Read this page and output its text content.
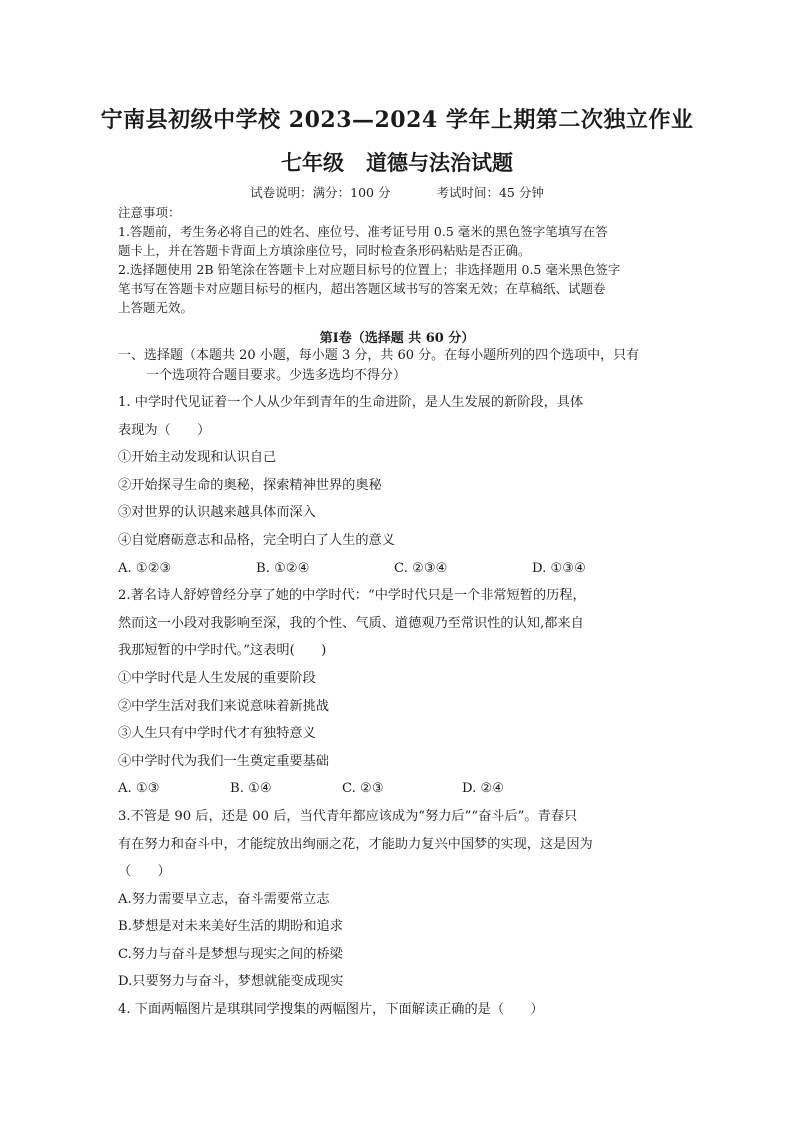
宁南县初级中学校 2023—2024 学年上期第二次独立作业
七年级 道德与法治试题
试卷说明：满分：100 分	考试时间：45 分钟

注意事项：

1.答题前，考生务必将自己的姓名、座位号、准考证号用 0.5 毫米的黑色签字笔填写在答

题卡上，并在答题卡背面上方填涂座位号，同时检查条形码粘贴是否正确。

2.选择题使用 2B 铅笔涂在答题卡上对应题目标号的位置上；非选择题用 0.5 毫米黑色签字

笔书写在答题卡对应题目标号的框内，超出答题区域书写的答案无效；在草稿纸、试题卷

上答题无效。

第Ⅰ卷（选择题 共 60 分）

一、选择题（本题共 20 小题，每小题 3 分，共 60 分。在每小题所列的四个选项中，只有

一个选项符合题目要求。少选多选均不得分）

1. 中学时代见证着一个人从少年到青年的生命进阶，是人生发展的新阶段，具体

表现为（　　）

①开始主动发现和认识自己

②开始探寻生命的奥秘，探索精神世界的奥秘

③对世界的认识越来越具体而深入

④自觉磨砺意志和品格，完全明白了人生的意义

A. ①②③	B. ①②④	C. ②③④	D. ①③④

2.著名诗人舒婷曾经分享了她的中学时代：“中学时代只是一个非常短暂的历程，

然而这一小段对我影响至深，我的个性、气质、道德观乃至常识性的认知,都来自

我那短暂的中学时代。”这表明(　　)

①中学时代是人生发展的重要阶段

②中学生活对我们来说意味着新挑战

③人生只有中学时代才有独特意义

④中学时代为我们一生奠定重要基础

A. ①③	B. ①④	C. ②③	D. ②④

3.不管是 90 后，还是 00 后，当代青年都应该成为“努力后”“奋斗后”。青春只

有在努力和奋斗中，才能绽放出绚丽之花，才能助力复兴中国梦的实现，这是因为

（　　）

A.努力需要早立志，奋斗需要常立志

B.梦想是对未来美好生活的期盼和追求

C.努力与奋斗是梦想与现实之间的桥梁

D.只要努力与奋斗，梦想就能变成现实

4. 下面两幅图片是琪琪同学搜集的两幅图片，下面解读正确的是（　　）
